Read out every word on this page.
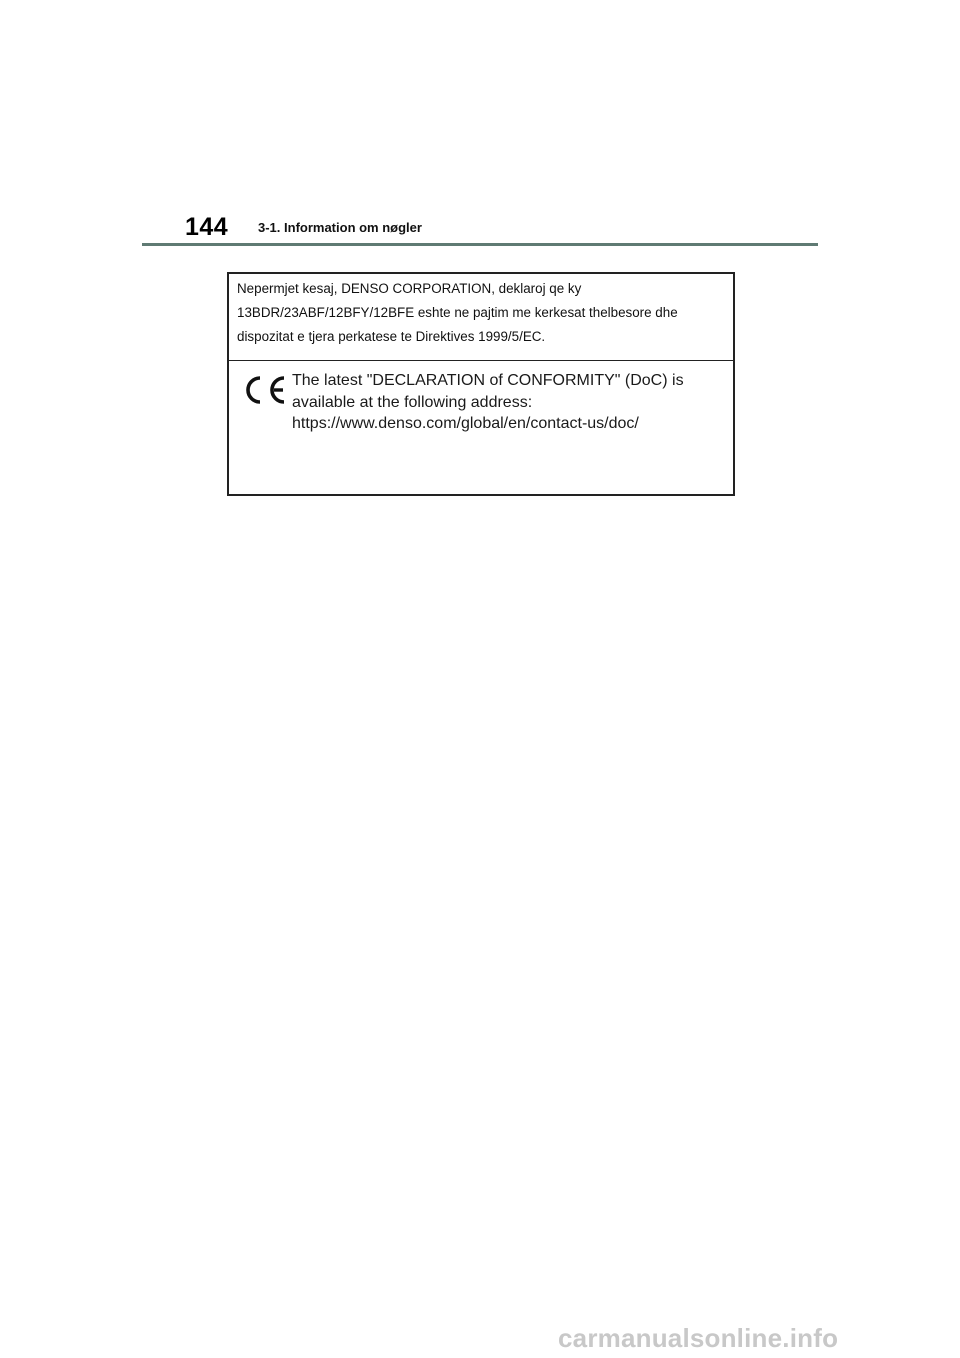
144 3-1. Information om nøgler

Nepermjet kesaj, DENSO CORPORATION, deklaroj qe ky 13BDR/23ABF/12BFY/12BFE eshte ne pajtim me kerkesat thelbesore dhe dispozitat e tjera perkatese te Direktives 1999/5/EC.

The latest "DECLARATION of CONFORMITY" (DoC) is
available at the following address:
https://www.denso.com/global/en/contact-us/doc/

carmanualsonline.info
